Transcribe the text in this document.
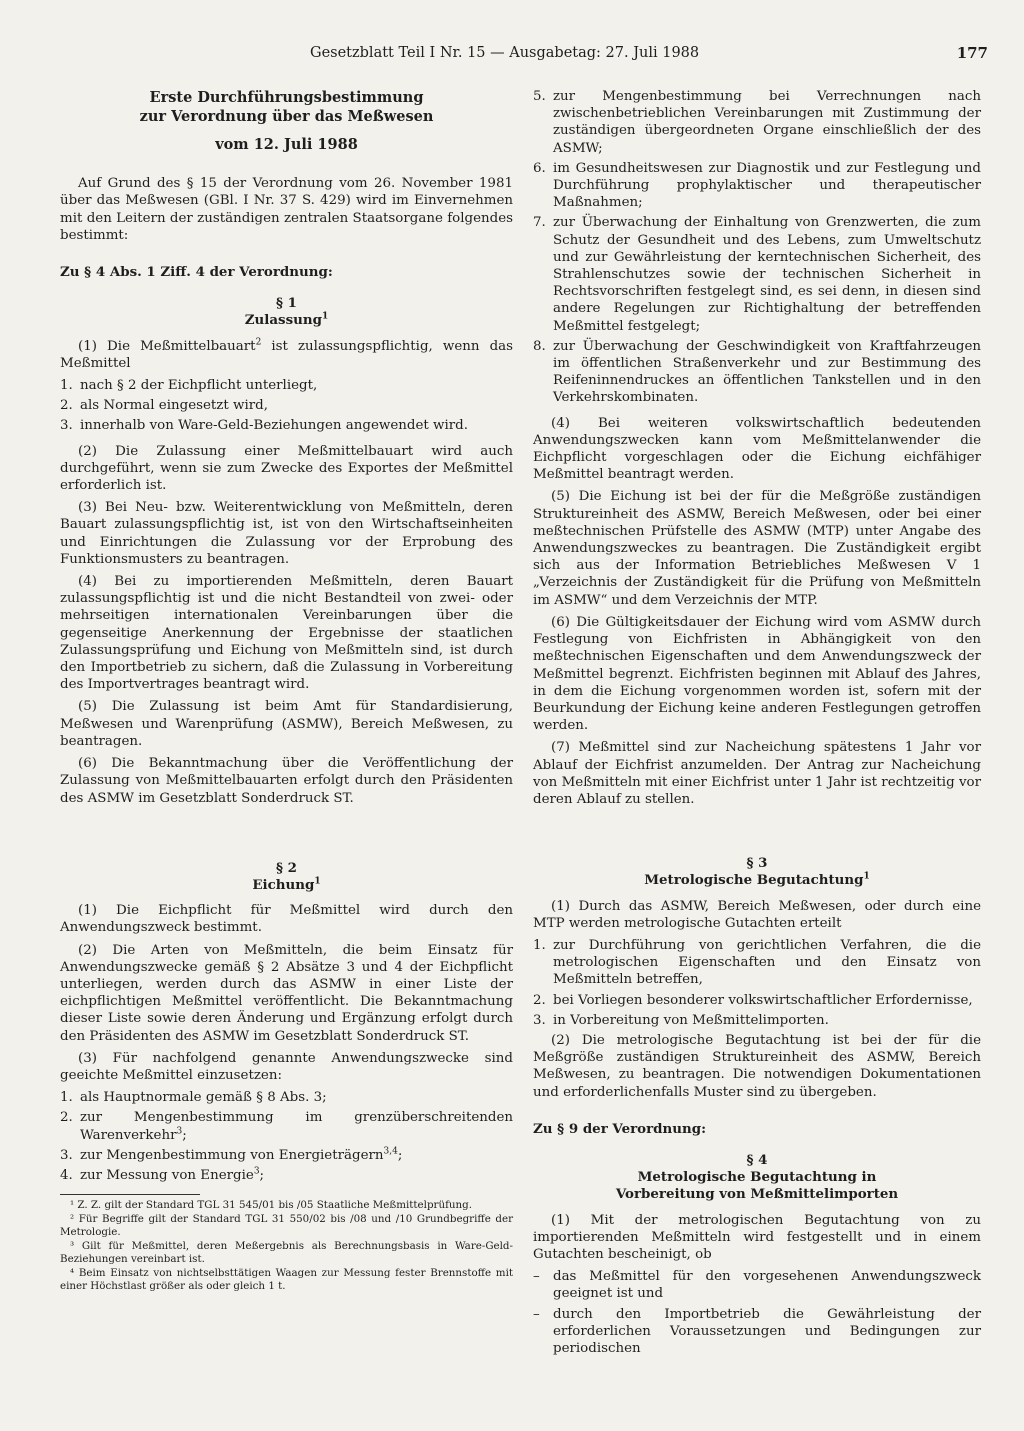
Gesetzblatt Teil I Nr. 15 — Ausgabetag: 27. Juli 1988	177
Erste Durchführungsbestimmung
zur Verordnung über das Meßwesen
vom 12. Juli 1988

Auf Grund des § 15 der Verordnung vom 26. November 1981 über das Meßwesen (GBl. I Nr. 37 S. 429) wird im Einvernehmen mit den Leitern der zuständigen zentralen Staatsorgane folgendes bestimmt:

Zu § 4 Abs. 1 Ziff. 4 der Verordnung:

§ 1
Zulassung$^1$

(1) Die Meßmittelbauart$^2$ ist zulassungspflichtig, wenn das Meßmittel

1. nach § 2 der Eichpflicht unterliegt,
2. als Normal eingesetzt wird,
3. innerhalb von Ware-Geld-Beziehungen angewendet wird.

(2) Die Zulassung einer Meßmittelbauart wird auch durchgeführt, wenn sie zum Zwecke des Exportes der Meßmittel erforderlich ist.

(3) Bei Neu- bzw. Weiterentwicklung von Meßmitteln, deren Bauart zulassungspflichtig ist, ist von den Wirtschaftseinheiten und Einrichtungen die Zulassung vor der Erprobung des Funktionsmusters zu beantragen.

(4) Bei zu importierenden Meßmitteln, deren Bauart zulassungspflichtig ist und die nicht Bestandteil von zwei- oder mehrseitigen internationalen Vereinbarungen über die gegenseitige Anerkennung der Ergebnisse der staatlichen Zulassungsprüfung und Eichung von Meßmitteln sind, ist durch den Importbetrieb zu sichern, daß die Zulassung in Vorbereitung des Importvertrages beantragt wird.

(5) Die Zulassung ist beim Amt für Standardisierung, Meßwesen und Warenprüfung (ASMW), Bereich Meßwesen, zu beantragen.

(6) Die Bekanntmachung über die Veröffentlichung der Zulassung von Meßmittelbauarten erfolgt durch den Präsidenten des ASMW im Gesetzblatt Sonderdruck ST.

§ 2
Eichung$^1$

(1) Die Eichpflicht für Meßmittel wird durch den Anwendungszweck bestimmt.

(2) Die Arten von Meßmitteln, die beim Einsatz für Anwendungszwecke gemäß § 2 Absätze 3 und 4 der Eichpflicht unterliegen, werden durch das ASMW in einer Liste der eichpflichtigen Meßmittel veröffentlicht. Die Bekanntmachung dieser Liste sowie deren Änderung und Ergänzung erfolgt durch den Präsidenten des ASMW im Gesetzblatt Sonderdruck ST.

(3) Für nachfolgend genannte Anwendungszwecke sind geeichte Meßmittel einzusetzen:

1. als Hauptnormale gemäß § 8 Abs. 3;
2. zur Mengenbestimmung im grenzüberschreitenden Warenverkehr$^3$;
3. zur Mengenbestimmung von Energieträgern$^{3,4}$;
4. zur Messung von Energie$^3$;
¹ Z. Z. gilt der Standard TGL 31 545/01 bis /05 Staatliche Meßmittelprüfung.
² Für Begriffe gilt der Standard TGL 31 550/02 bis /08 und /10 Grundbegriffe der Metrologie.
³ Gilt für Meßmittel, deren Meßergebnis als Berechnungsbasis in Ware-Geld-Beziehungen vereinbart ist.
⁴ Beim Einsatz von nichtselbsttätigen Waagen zur Messung fester Brennstoffe mit einer Höchstlast größer als oder gleich 1 t.
5. zur Mengenbestimmung bei Verrechnungen nach zwischenbetrieblichen Vereinbarungen mit Zustimmung der zuständigen übergeordneten Organe einschließlich der des ASMW;
6. im Gesundheitswesen zur Diagnostik und zur Festlegung und Durchführung prophylaktischer und therapeutischer Maßnahmen;
7. zur Überwachung der Einhaltung von Grenzwerten, die zum Schutz der Gesundheit und des Lebens, zum Umweltschutz und zur Gewährleistung der kerntechnischen Sicherheit, des Strahlenschutzes sowie der technischen Sicherheit in Rechtsvorschriften festgelegt sind, es sei denn, in diesen sind andere Regelungen zur Richtighaltung der betreffenden Meßmittel festgelegt;
8. zur Überwachung der Geschwindigkeit von Kraftfahrzeugen im öffentlichen Straßenverkehr und zur Bestimmung des Reifeninnendruckes an öffentlichen Tankstellen und in den Verkehrskombinaten.

(4) Bei weiteren volkswirtschaftlich bedeutenden Anwendungszwecken kann vom Meßmittelanwender die Eichpflicht vorgeschlagen oder die Eichung eichfähiger Meßmittel beantragt werden.

(5) Die Eichung ist bei der für die Meßgröße zuständigen Struktureinheit des ASMW, Bereich Meßwesen, oder bei einer meßtechnischen Prüfstelle des ASMW (MTP) unter Angabe des Anwendungszweckes zu beantragen. Die Zuständigkeit ergibt sich aus der Information Betriebliches Meßwesen V 1 „Verzeichnis der Zuständigkeit für die Prüfung von Meßmitteln im ASMW“ und dem Verzeichnis der MTP.

(6) Die Gültigkeitsdauer der Eichung wird vom ASMW durch Festlegung von Eichfristen in Abhängigkeit von den meßtechnischen Eigenschaften und dem Anwendungszweck der Meßmittel begrenzt. Eichfristen beginnen mit Ablauf des Jahres, in dem die Eichung vorgenommen worden ist, sofern mit der Beurkundung der Eichung keine anderen Festlegungen getroffen werden.

(7) Meßmittel sind zur Nacheichung spätestens 1 Jahr vor Ablauf der Eichfrist anzumelden. Der Antrag zur Nacheichung von Meßmitteln mit einer Eichfrist unter 1 Jahr ist rechtzeitig vor deren Ablauf zu stellen.

§ 3
Metrologische Begutachtung$^1$

(1) Durch das ASMW, Bereich Meßwesen, oder durch eine MTP werden metrologische Gutachten erteilt

1. zur Durchführung von gerichtlichen Verfahren, die die metrologischen Eigenschaften und den Einsatz von Meßmitteln betreffen,
2. bei Vorliegen besonderer volkswirtschaftlicher Erfordernisse,
3. in Vorbereitung von Meßmittelimporten.

(2) Die metrologische Begutachtung ist bei der für die Meßgröße zuständigen Struktureinheit des ASMW, Bereich Meßwesen, zu beantragen. Die notwendigen Dokumentationen und erforderlichenfalls Muster sind zu übergeben.

Zu § 9 der Verordnung:

§ 4
Metrologische Begutachtung in
Vorbereitung von Meßmittelimporten

(1) Mit der metrologischen Begutachtung von zu importierenden Meßmitteln wird festgestellt und in einem Gutachten bescheinigt, ob

– das Meßmittel für den vorgesehenen Anwendungszweck geeignet ist und
– durch den Importbetrieb die Gewährleistung der erforderlichen Voraussetzungen und Bedingungen zur periodischen
